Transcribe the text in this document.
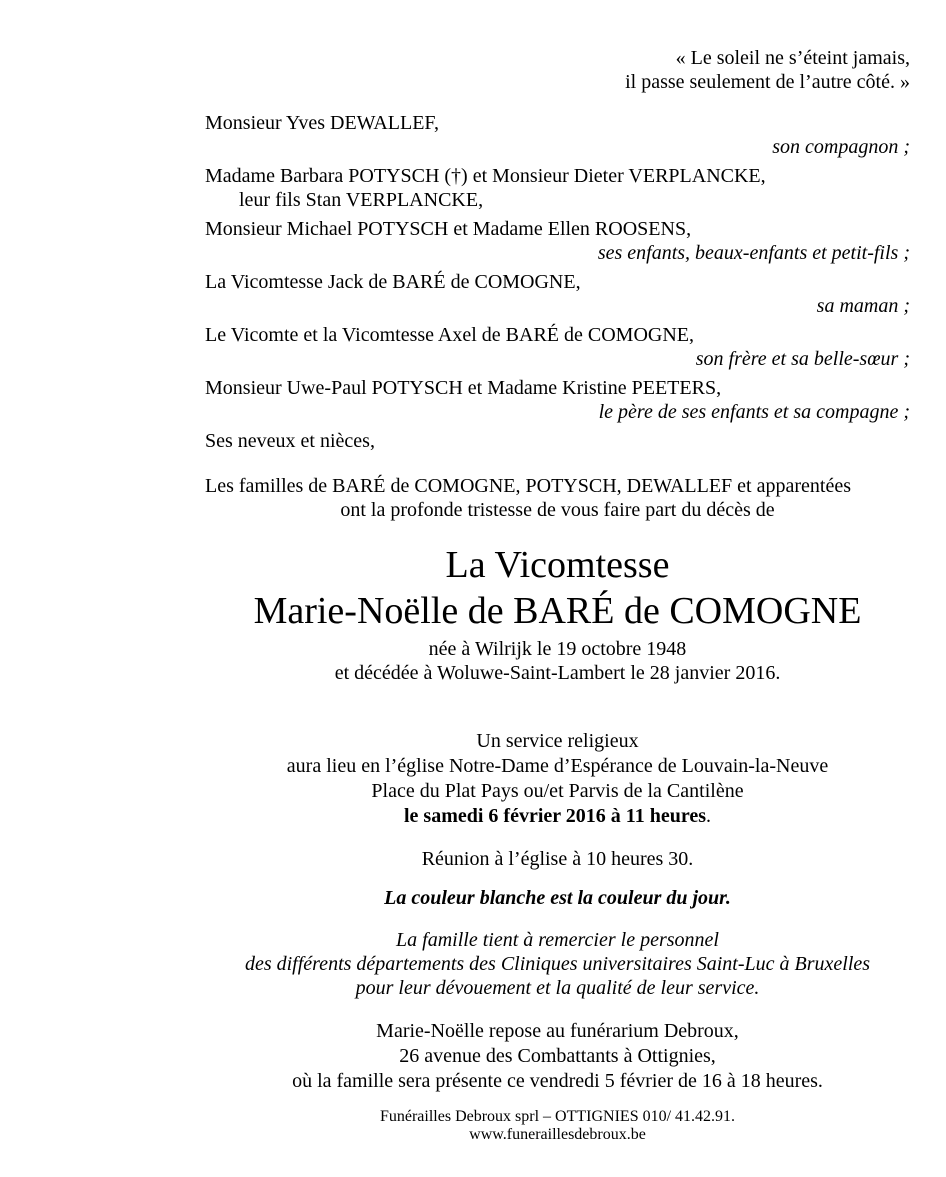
« Le soleil ne s’éteint jamais,
il passe seulement de l’autre côté. »
Monsieur Yves DEWALLEF,
son compagnon ;
Madame Barbara POTYSCH (†) et Monsieur Dieter VERPLANCKE,
leur fils Stan VERPLANCKE,
Monsieur Michael POTYSCH et Madame Ellen ROOSENS,
ses enfants, beaux-enfants et petit-fils ;
La Vicomtesse Jack de BARÉ de COMOGNE,
sa maman ;
Le Vicomte et la Vicomtesse Axel de BARÉ de COMOGNE,
son frère et sa belle-sœur ;
Monsieur Uwe-Paul POTYSCH et Madame Kristine PEETERS,
le père de ses enfants et sa compagne ;
Ses neveux et nièces,
Les familles de BARÉ de COMOGNE, POTYSCH, DEWALLEF et apparentées
ont la profonde tristesse de vous faire part du décès de
La Vicomtesse
Marie-Noëlle de BARÉ de COMOGNE
née à Wilrijk le 19 octobre 1948
et décédée à Woluwe-Saint-Lambert le 28 janvier 2016.
Un service religieux
aura lieu en l’église Notre-Dame d’Espérance de Louvain-la-Neuve
Place du Plat Pays ou/et Parvis de la Cantilène
le samedi 6 février 2016 à 11 heures.
Réunion à l’église à 10 heures 30.
La couleur blanche est la couleur du jour.
La famille tient à remercier le personnel
des différents départements des Cliniques universitaires Saint-Luc à Bruxelles
pour leur dévouement et la qualité de leur service.
Marie-Noëlle repose au funérarium Debroux,
26 avenue des Combattants à Ottignies,
où la famille sera présente ce vendredi 5 février de 16 à 18 heures.
Funérailles Debroux sprl – OTTIGNIES 010/ 41.42.91.
www.funeraillesdebroux.be
